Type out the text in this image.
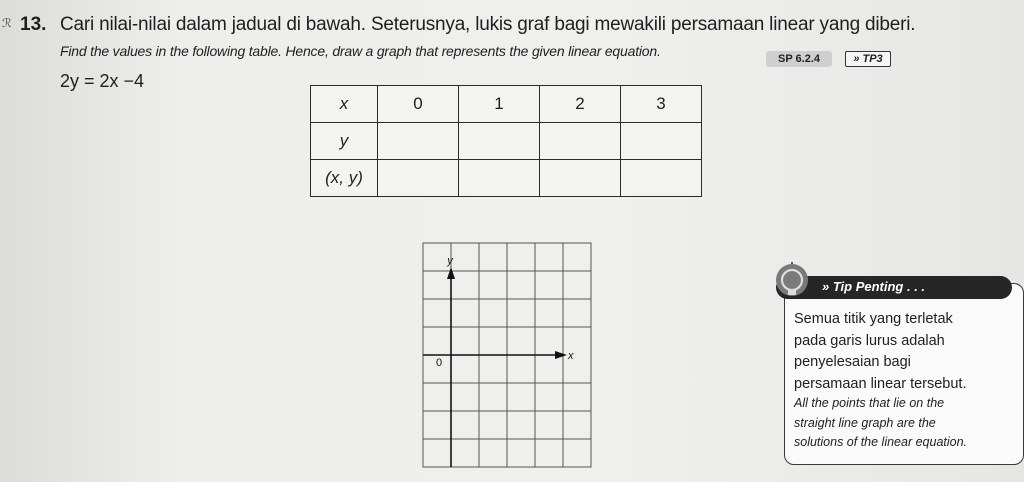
ℛ 13. Cari nilai-nilai dalam jadual di bawah. Seterusnya, lukis graf bagi mewakili persamaan linear yang diberi.
Find the values in the following table. Hence, draw a graph that represents the given linear equation.	SP 6.2.4	» TP3
2y = 2x −4
x	0	1	2	3
y				
(x, y)				
y
x
0
» Tip Penting . . .
Semua titik yang terletak
pada garis lurus adalah
penyelesaian bagi
persamaan linear tersebut.
All the points that lie on the
straight line graph are the
solutions of the linear equation.
